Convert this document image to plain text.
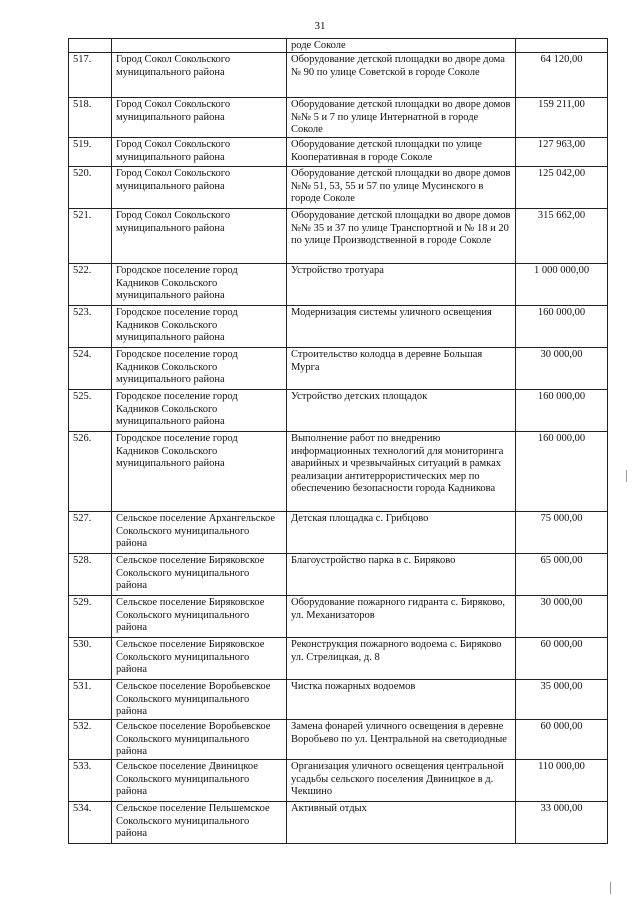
31
		роде Соколе	
517.	Город Сокол Сокольского муниципального района	Оборудование детской площадки во дворе дома № 90 по улице Советской в городе Соколе	64 120,00
518.	Город Сокол Сокольского муниципального района	Оборудование детской площадки во дворе домов №№ 5 и 7 по улице Интернатной в городе Соколе	159 211,00
519.	Город Сокол Сокольского муниципального района	Оборудование детской площадки по улице Кооперативная в городе Соколе	127 963,00
520.	Город Сокол Сокольского муниципального района	Оборудование детской площадки во дворе домов №№ 51, 53, 55 и 57 по улице Мусинского в городе Соколе	125 042,00
521.	Город Сокол Сокольского муниципального района	Оборудование детской площадки во дворе домов №№ 35 и 37 по улице Транспортной и № 18 и 20 по улице Производственной в городе Соколе	315 662,00
522.	Городское поселение город Кадников Сокольского муниципального района	Устройство тротуара	1 000 000,00
523.	Городское поселение город Кадников Сокольского муниципального района	Модернизация системы уличного освещения	160 000,00
524.	Городское поселение город Кадников Сокольского муниципального района	Строительство колодца в деревне Большая Мурга	30 000,00
525.	Городское поселение город Кадников Сокольского муниципального района	Устройство детских площадок	160 000,00
526.	Городское поселение город Кадников Сокольского муниципального района	Выполнение работ по внедрению информационных технологий для мониторинга аварийных и чрезвычайных ситуаций в рамках реализации антитеррористических мер по обеспечению безопасности города Кадникова	160 000,00
527.	Сельское поселение Архангельское Сокольского муниципального района	Детская площадка с. Грибцово	75 000,00
528.	Сельское поселение Биряковское Сокольского муниципального района	Благоустройство парка в с. Биряково	65 000,00
529.	Сельское поселение Биряковское Сокольского муниципального района	Оборудование пожарного гидранта с. Биряково, ул. Механизаторов	30 000,00
530.	Сельское поселение Биряковское Сокольского муниципального района	Реконструкция пожарного водоема с. Биряково ул. Стрелицкая, д. 8	60 000,00
531.	Сельское поселение Воробьевское Сокольского муниципального района	Чистка пожарных водоемов	35 000,00
532.	Сельское поселение Воробьевское Сокольского муниципального района	Замена фонарей уличного освещения в деревне Воробьево по ул. Центральной на светодиодные	60 000,00
533.	Сельское поселение Двиницкое Сокольского муниципального района	Организация уличного освещения центральной усадьбы сельского поселения Двиницкое в д. Чекшино	110 000,00
534.	Сельское поселение Пельшемское Сокольского муниципального района	Активный отдых	33 000,00
